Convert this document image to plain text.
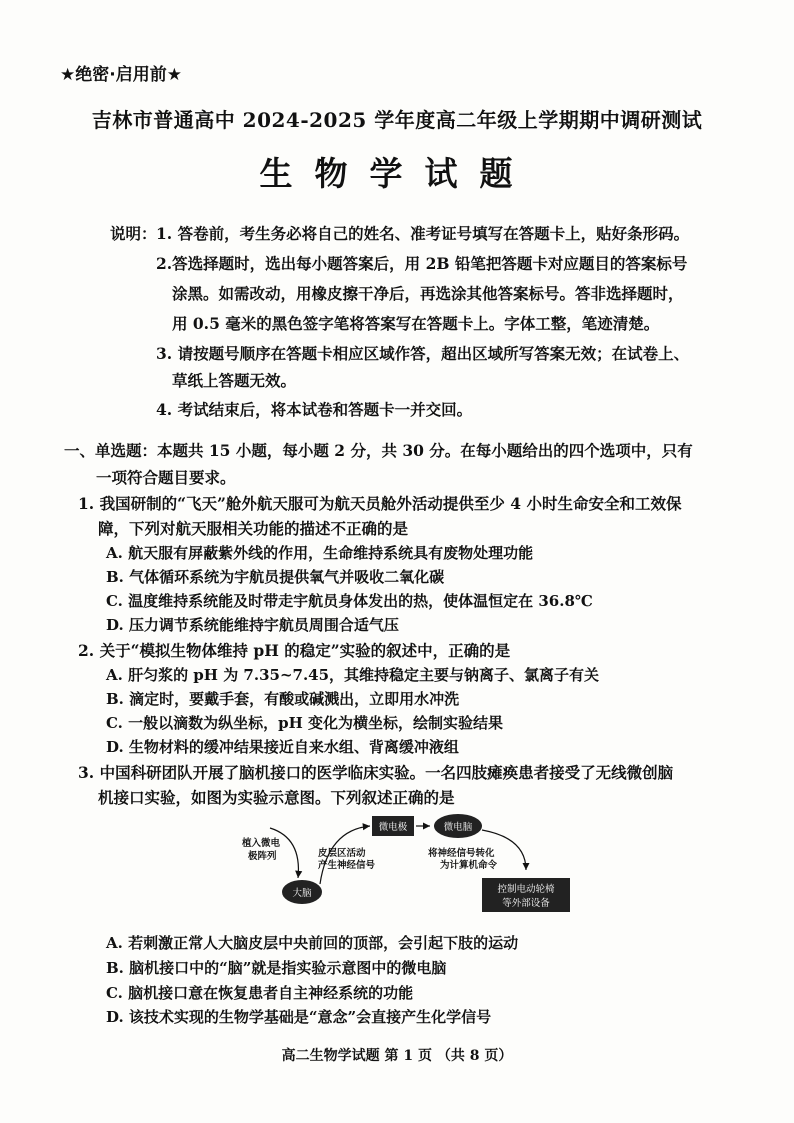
★绝密·启用前★
吉林市普通高中 2024-2025 学年度高二年级上学期期中调研测试
生物学试题
说明： 1. 答卷前，考生务必将自己的姓名、准考证号填写在答题卡上，贴好条形码。
2.答选择题时，选出每小题答案后，用 2B 铅笔把答题卡对应题目的答案标号
涂黑。如需改动，用橡皮擦干净后，再选涂其他答案标号。答非选择题时，
用 0.5 毫米的黑色签字笔将答案写在答题卡上。字体工整，笔迹清楚。
3. 请按题号顺序在答题卡相应区域作答，超出区域所写答案无效；在试卷上、
草纸上答题无效。
4. 考试结束后，将本试卷和答题卡一并交回。
一、单选题：本题共 15 小题，每小题 2 分，共 30 分。在每小题给出的四个选项中，只有
一项符合题目要求。
1. 我国研制的“飞天”舱外航天服可为航天员舱外活动提供至少 4 小时生命安全和工效保
障，下列对航天服相关功能的描述不正确的是
A. 航天服有屏蔽紫外线的作用，生命维持系统具有废物处理功能
B. 气体循环系统为宇航员提供氧气并吸收二氧化碳
C. 温度维持系统能及时带走宇航员身体发出的热，使体温恒定在 36.8℃
D. 压力调节系统能维持宇航员周围合适气压
2. 关于“模拟生物体维持 pH 的稳定”实验的叙述中，正确的是
A. 肝匀浆的 pH 为 7.35~7.45，其维持稳定主要与钠离子、氯离子有关
B. 滴定时，要戴手套，有酸或碱溅出，立即用水冲洗
C. 一般以滴数为纵坐标，pH 变化为横坐标，绘制实验结果
D. 生物材料的缓冲结果接近自来水组、背离缓冲液组
3. 中国科研团队开展了脑机接口的医学临床实验。一名四肢瘫痪患者接受了无线微创脑
机接口实验，如图为实验示意图。下列叙述正确的是
大脑
植入微电
极阵列	皮层区活动
产生神经信号
微电极	微电脑
将神经信号转化
为计算机命令
控制电动轮椅
等外部设备
A. 若刺激正常人大脑皮层中央前回的顶部，会引起下肢的运动
B. 脑机接口中的“脑”就是指实验示意图中的微电脑
C. 脑机接口意在恢复患者自主神经系统的功能
D. 该技术实现的生物学基础是“意念”会直接产生化学信号
高二生物学试题 第 1 页 （共 8 页）
